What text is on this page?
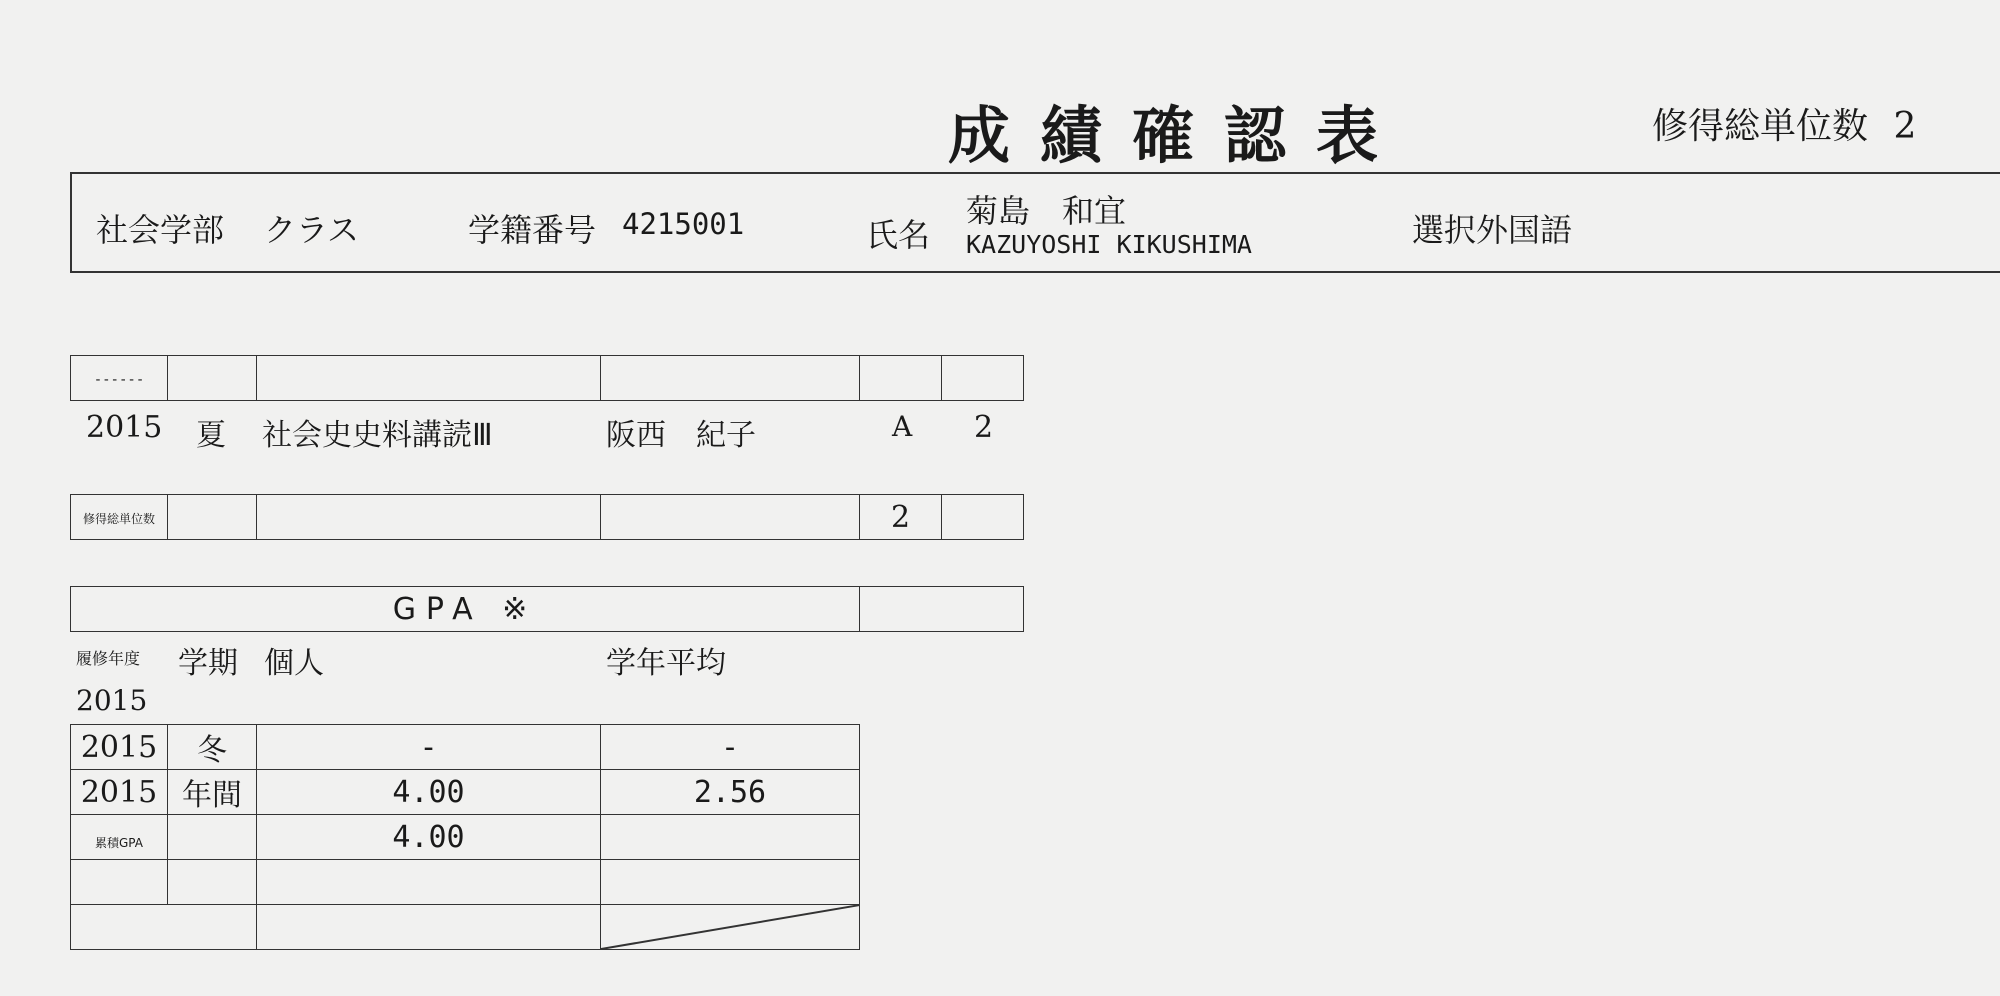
成績確認表	修得総単位数 2
社会学部 クラス	学籍番号 4215001	氏名
菊島　和宜
KAZUYOSHI KIKUSHIMA	選択外国語
------					
2015 夏 社会史史料講読Ⅲ	阪西　紀子	A 2
修得総単位数				2	
GPA ※	
履修年度 学期 個人	学年平均
2015
2015	冬	-	-
2015	年間	4.00	2.56
累積GPA		4.00	
